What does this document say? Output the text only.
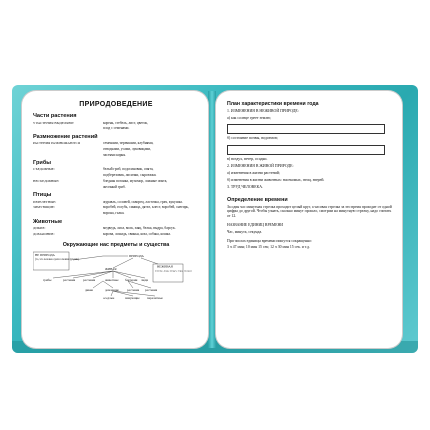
ПРИРОДОВЕДЕНИЕ
Части растения
У РАСТЕНИЯ ВЫДЕЛЯЮТ	корень, стебель, лист, цветок,
плод с семенами.
Размножение растений
РАСТЕНИЯ РАЗМНОЖАЮТСЯ	семенами, черенками, клубнями,
отводками, усами, луковицами,
частями корня.
Грибы
СЪЕДОБНЫЕ:	белый гриб, подосиновик, опята,
подберезовик, лисички, сыроежки.
НЕСЪЕДОБНЫЕ:	бледная поганка, мухомор, ложные опята,
желчный гриб.
Птицы
ПЕРЕЛЕТНЫЕ:	журавль, соловей, скворец, ласточка, грач, кукушка.
ЗИМУЮЩИЕ:	воробей, голубь, синица, дятел, клест, воробей, снегирь,
ворона, галка.
Животные
ДИКИЕ:	медведь, лиса, волк, заяц, белка, выдра, барсук.
ДОМАШНИЕ:	корова, лошадь, свинья, коза, собака, кошка.
Окружающие нас предметы и существа
НЕ ПРИРОДА
(то, что человек сделал своими руками)
ПРИРОДА
ЖИВАЯ
НЕЖИВАЯ
(солнце, вода, воздух, горы, звезды)
грибы	растения растения	животные бактерии люди
дикие	домашние	растения растения
оседлые	зимующие перелетные
План характеристики времени года
1. ИЗМЕНЕНИЯ В НЕЖИВОЙ ПРИРОДЕ:
а) как солнце греет землю;
б) состояние почвы, водоемов;
в) воздух, ветер, осадки.
2. ИЗМЕНЕНИЯ В ЖИВОЙ ПРИРОДЕ:
а) изменения в жизни растений;
б) изменения в жизни животных: насекомых, птиц, зверей.
3. ТРУД ЧЕЛОВЕКА.
Определение времени
За один час минутная стрелка проходит целый круг, а часовая стрелка за это время проходит от одной цифры до другой. Чтобы узнать, сколько минут прошло, смотрим на минутную стрелку, надо считать от 12.
НАЗВАНИЕ ЕДИНИЦ ВРЕМЕНИ
Час, минута, секунда.
При числах единицы времени пишутся сокращенно:
3 ч 47 мин; 10 мин 15 сек; 12 ч 30 мин 15 сек. и т.д.
